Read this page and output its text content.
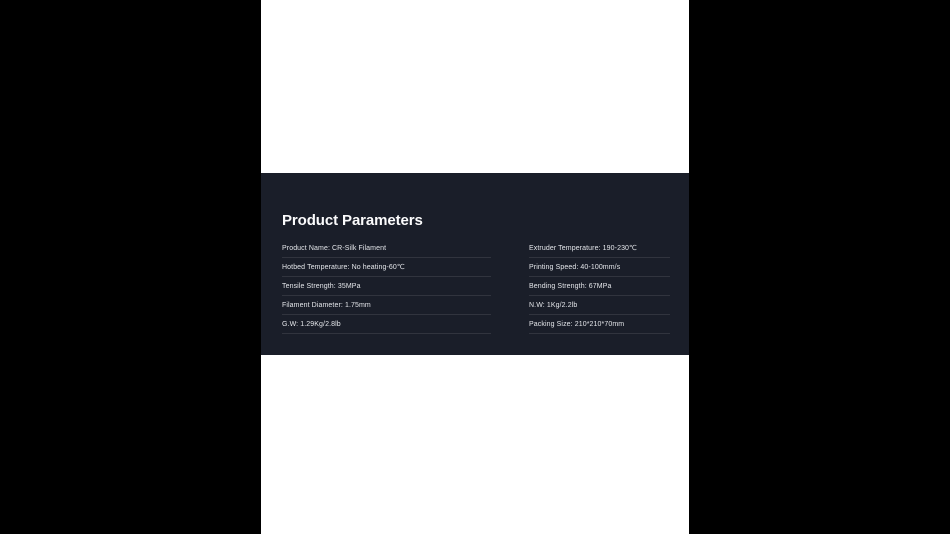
Product Parameters
Product Name: CR-Silk Filament
Hotbed Temperature: No heating-60℃
Tensile Strength: 35MPa
Filament Diameter: 1.75mm
G.W: 1.29Kg/2.8lb
Extruder Temperature: 190-230℃
Printing Speed: 40-100mm/s
Bending Strength: 67MPa
N.W: 1Kg/2.2lb
Packing Size: 210*210*70mm
